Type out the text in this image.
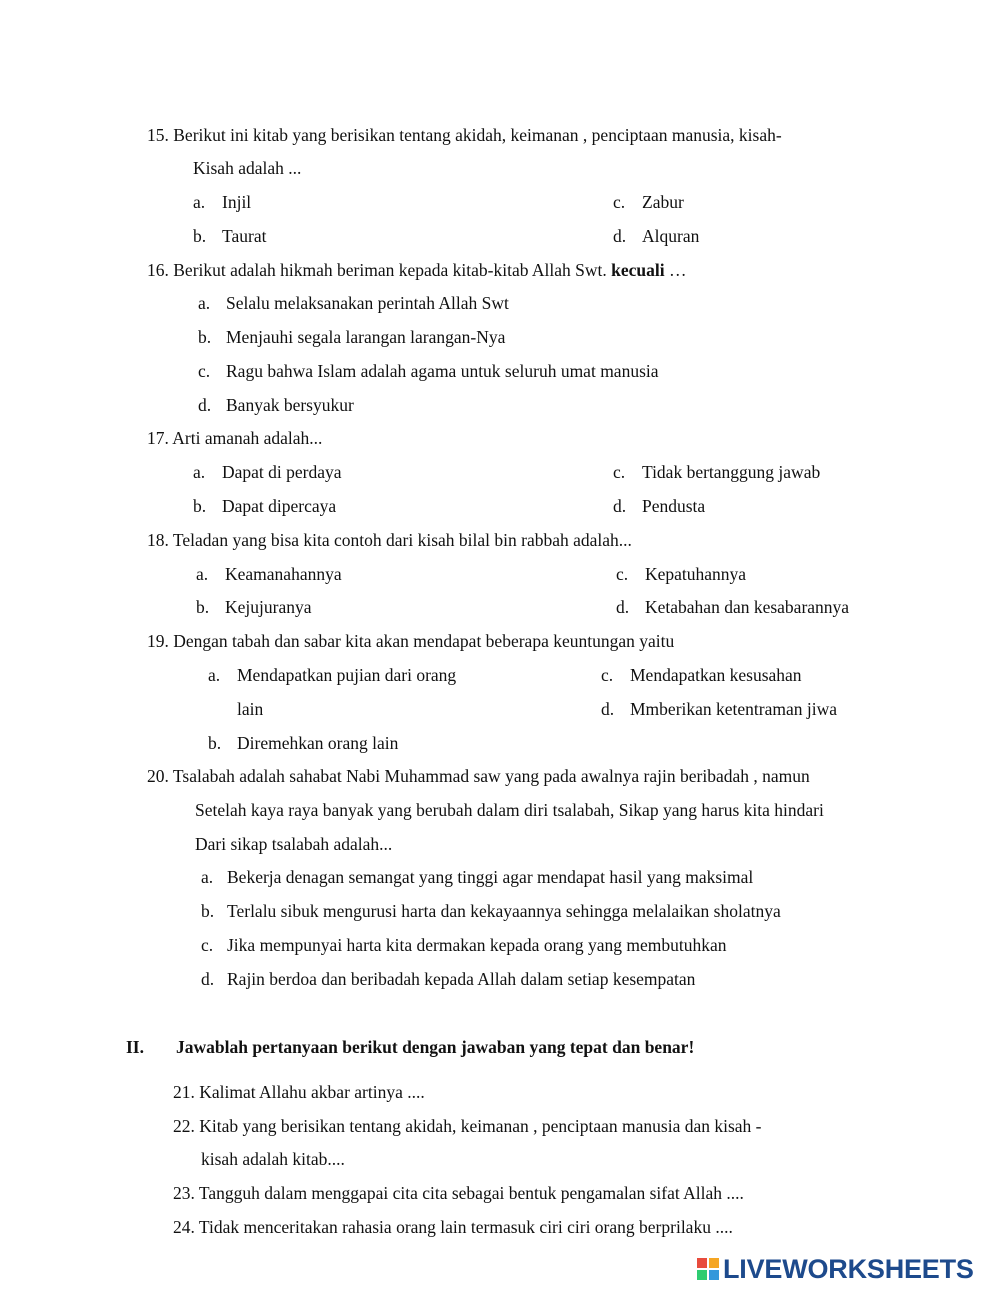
15. Berikut ini kitab yang berisikan tentang akidah, keimanan , penciptaan manusia, kisah-
Kisah adalah ...
a. Injil
b. Taurat
c. Zabur
d. Alquran
16. Berikut adalah hikmah beriman kepada kitab-kitab Allah Swt. kecuali …
a. Selalu melaksanakan perintah Allah Swt
b. Menjauhi segala larangan larangan-Nya
c. Ragu bahwa Islam adalah agama untuk seluruh umat manusia
d. Banyak bersyukur
17. Arti amanah adalah...
a. Dapat di perdaya
b. Dapat dipercaya
c. Tidak bertanggung jawab
d. Pendusta
18. Teladan yang bisa kita contoh dari kisah bilal bin rabbah adalah...
a. Keamanahannya
b. Kejujuranya
c. Kepatuhannya
d. Ketabahan dan kesabarannya
19. Dengan tabah dan sabar kita akan mendapat beberapa keuntungan yaitu
a. Mendapatkan pujian dari orang
lain
b. Diremehkan orang lain
c. Mendapatkan kesusahan
d. Mmberikan ketentraman jiwa
20. Tsalabah adalah sahabat Nabi Muhammad saw yang pada awalnya rajin beribadah , namun
Setelah kaya raya banyak yang berubah dalam diri tsalabah, Sikap yang harus kita hindari
Dari sikap tsalabah adalah...
a. Bekerja denagan semangat yang tinggi agar mendapat hasil yang maksimal
b. Terlalu sibuk mengurusi harta dan kekayaannya sehingga melalaikan sholatnya
c. Jika mempunyai harta kita dermakan kepada orang yang membutuhkan
d. Rajin berdoa dan beribadah kepada Allah dalam setiap kesempatan
II. Jawablah pertanyaan berikut dengan jawaban yang tepat dan benar!
21. Kalimat Allahu akbar artinya ....
22. Kitab yang berisikan tentang akidah, keimanan , penciptaan manusia dan kisah -
kisah adalah kitab....
23. Tangguh dalam menggapai cita cita sebagai bentuk pengamalan sifat Allah ....
24. Tidak menceritakan rahasia orang lain termasuk ciri ciri orang berprilaku ....
LIVEWORKSHEETS
